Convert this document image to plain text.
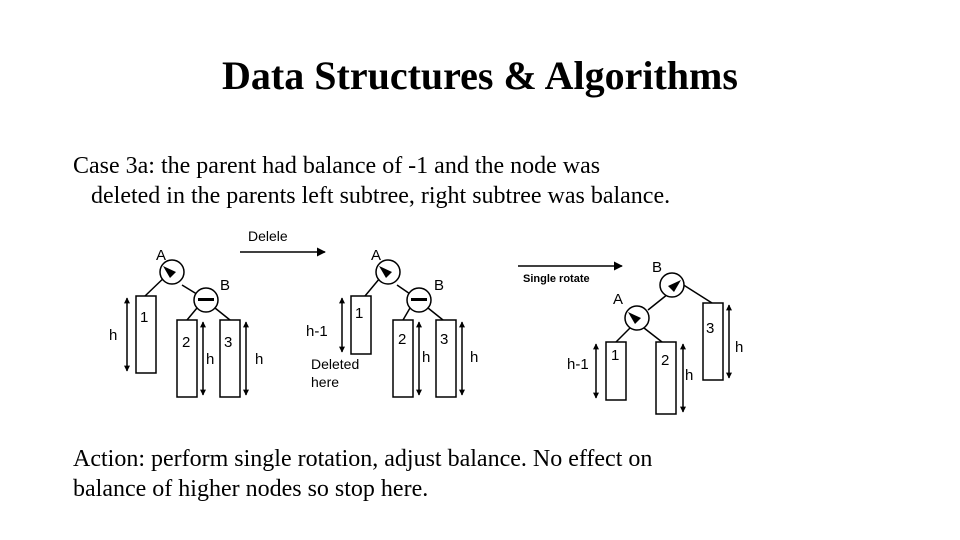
Data Structures & Algorithms
Case 3a: the parent had balance of -1 and the node was
deleted in the parents left subtree, right subtree was balance.
A
B
1
2 3
h
h	h
Delele
A
B
1
2 3
h-1
h	h
Deleted
here
Single rotate
B
A
3
1	2
h-1
h
h
Action: perform single rotation, adjust balance. No effect on
balance of higher nodes so stop here.
